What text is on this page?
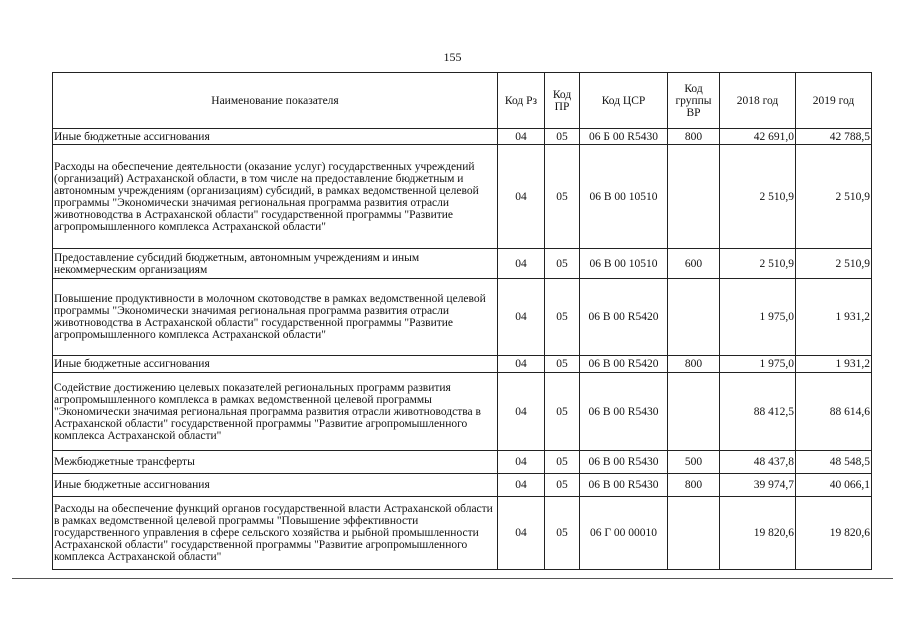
155
Наименование показателя	Код Рз	Код ПР	Код ЦСР	Код группы ВР	2018 год	2019 год
Иные бюджетные ассигнования	04	05	06 Б 00 R5430	800	42 691,0	42 788,5
Расходы на обеспечение деятельности (оказание услуг) государственных учреждений (организаций) Астраханской области, в том числе на предоставление бюджетным и автономным учреждениям (организациям) субсидий, в рамках ведомственной целевой программы "Экономически значимая региональная программа развития отрасли животноводства в Астраханской области" государственной программы "Развитие агропромышленного комплекса Астраханской области"	04	05	06 В 00 10510		2 510,9	2 510,9
Предоставление субсидий бюджетным, автономным учреждениям и иным некоммерческим организациям	04	05	06 В 00 10510	600	2 510,9	2 510,9
Повышение продуктивности в молочном скотоводстве в рамках ведомственной целевой программы "Экономически значимая региональная программа развития отрасли животноводства в Астраханской области" государственной программы "Развитие агропромышленного комплекса Астраханской области"	04	05	06 В 00 R5420		1 975,0	1 931,2
Иные бюджетные ассигнования	04	05	06 В 00 R5420	800	1 975,0	1 931,2
Содействие достижению целевых показателей региональных программ развития агропромышленного комплекса в рамках ведомственной целевой программы "Экономически значимая региональная программа развития отрасли животноводства в Астраханской области" государственной программы "Развитие агропромышленного комплекса Астраханской области"	04	05	06 В 00 R5430		88 412,5	88 614,6
Межбюджетные трансферты	04	05	06 В 00 R5430	500	48 437,8	48 548,5
Иные бюджетные ассигнования	04	05	06 В 00 R5430	800	39 974,7	40 066,1
Расходы на обеспечение функций органов государственной власти Астраханской области в рамках ведомственной целевой программы "Повышение эффективности государственного управления в сфере сельского хозяйства и рыбной промышленности Астраханской области" государственной программы "Развитие агропромышленного комплекса Астраханской области"	04	05	06 Г 00 00010		19 820,6	19 820,6
